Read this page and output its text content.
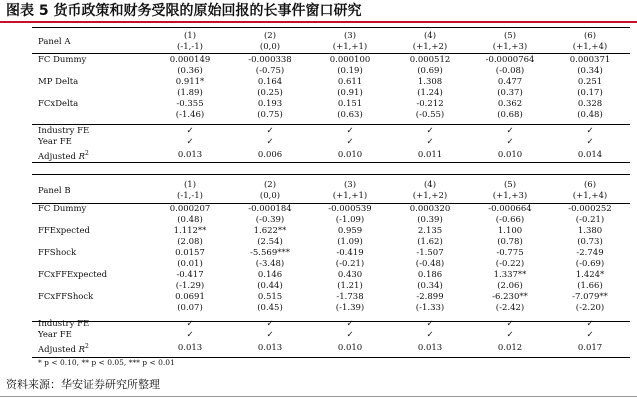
图表 5 货币政策和财务受限的原始回报的长事件窗口研究
Panel A	(1)	(2)	(3)	(4)	(5)	(6)
	(-1,-1)	(0,0)	(+1,+1)	(+1,+2)	(+1,+3)	(+1,+4)

FC Dummy	0.000149	-0.000338	0.000100	0.000512	-0.0000764	0.000371
	(0.36)	(-0.75)	(0.19)	(0.69)	(-0.08)	(0.34)
MP Delta	0.911*	0.164	0.611	1.308	0.477	0.251
	(1.89)	(0.25)	(0.91)	(1.24)	(0.37)	(0.17)
FCxDelta	-0.355	0.193	0.151	-0.212	0.362	0.328
	(-1.46)	(0.75)	(0.63)	(-0.55)	(0.68)	(0.48)

Industry FE	✓	✓	✓	✓	✓	✓
Year FE	✓	✓	✓	✓	✓	✓
Adjusted $R^2$	0.013	0.006	0.010	0.011	0.010	0.014
Panel B	(1)	(2)	(3)	(4)	(5)	(6)
	(-1,-1)	(0,0)	(+1,+1)	(+1,+2)	(+1,+3)	(+1,+4)

FC Dummy	0.000207	-0.000184	-0.000539	0.000320	-0.000664	-0.000252
	(0.48)	(-0.39)	(-1.09)	(0.39)	(-0.66)	(-0.21)
FFExpected	1.112**	1.622**	0.959	2.135	1.100	1.380
	(2.08)	(2.54)	(1.09)	(1.62)	(0.78)	(0.73)
FFShock	0.0157	-5.569***	-0.419	-1.507	-0.775	-2.749
	(0.01)	(-3.48)	(-0.21)	(-0.48)	(-0.22)	(-0.69)
FCxFFExpected	-0.417	0.146	0.430	0.186	1.337**	1.424*
	(-1.29)	(0.44)	(1.21)	(0.34)	(2.06)	(1.66)
FCxFFShock	0.0691	0.515	-1.738	-2.899	-6.230**	-7.079**
	(0.07)	(0.45)	(-1.39)	(-1.33)	(-2.42)	(-2.20)

Industry FE	✓	✓	✓	✓	✓	✓
Year FE	✓	✓	✓	✓	✓	✓
Adjusted $R^2$	0.013	0.013	0.010	0.013	0.012	0.017
* p < 0.10, ** p < 0.05, *** p < 0.01
资料来源：华安证券研究所整理
